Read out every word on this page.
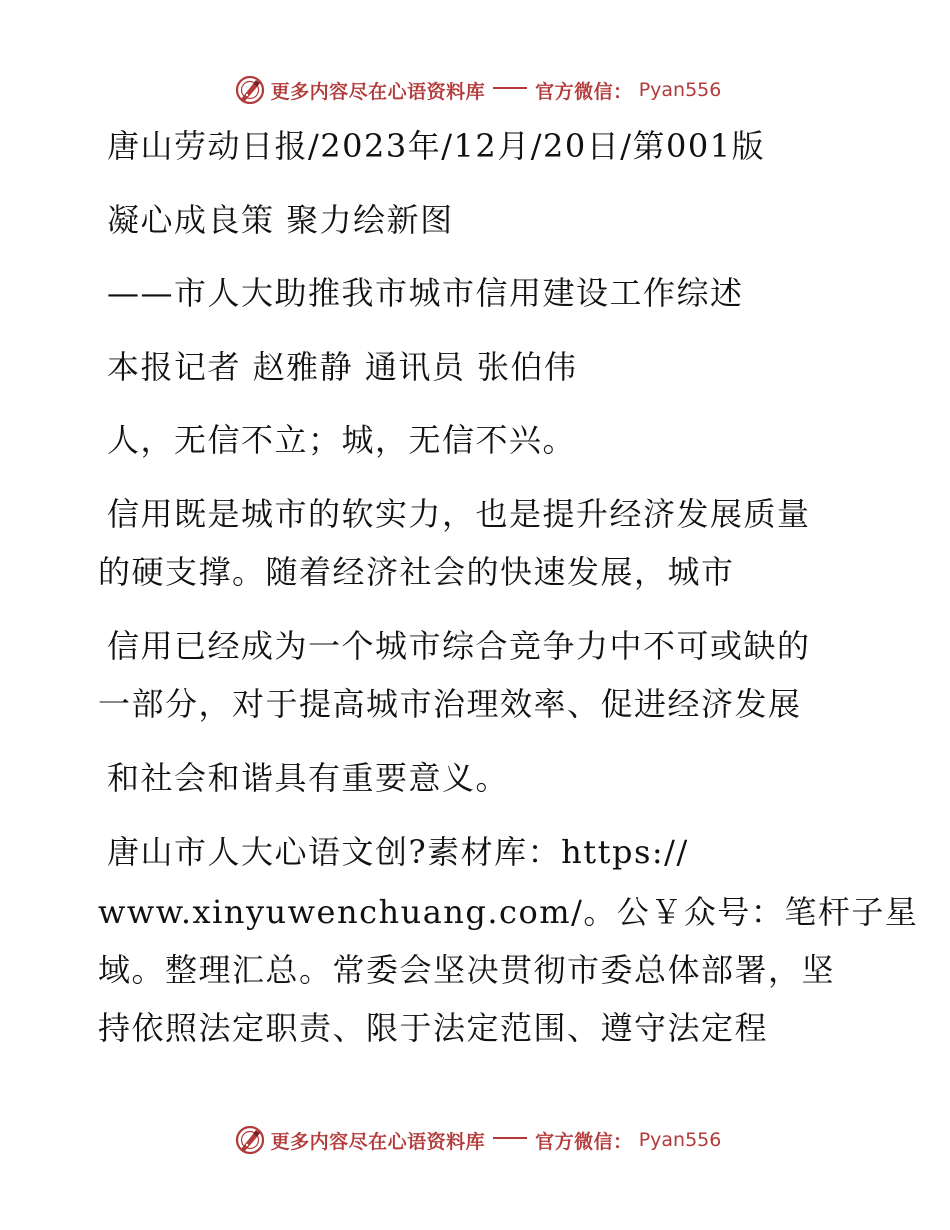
更多内容尽在心语资料库	官方微信： Pyan556
唐山劳动日报/2023年/12月/20日/第001版
凝心成良策 聚力绘新图
——市人大助推我市城市信用建设工作综述
本报记者 赵雅静 通讯员 张伯伟
人，无信不立；城，无信不兴。
信用既是城市的软实力，也是提升经济发展质量
的硬支撑。随着经济社会的快速发展，城市
信用已经成为一个城市综合竞争力中不可或缺的
一部分，对于提高城市治理效率、促进经济发展
和社会和谐具有重要意义。
唐山市人大心语文创?素材库：https://
www.xinyuwenchuang.com/。公￥众号：笔杆子星
域。整理汇总。常委会坚决贯彻市委总体部署，坚
持依照法定职责、限于法定范围、遵守法定程
更多内容尽在心语资料库	官方微信： Pyan556
